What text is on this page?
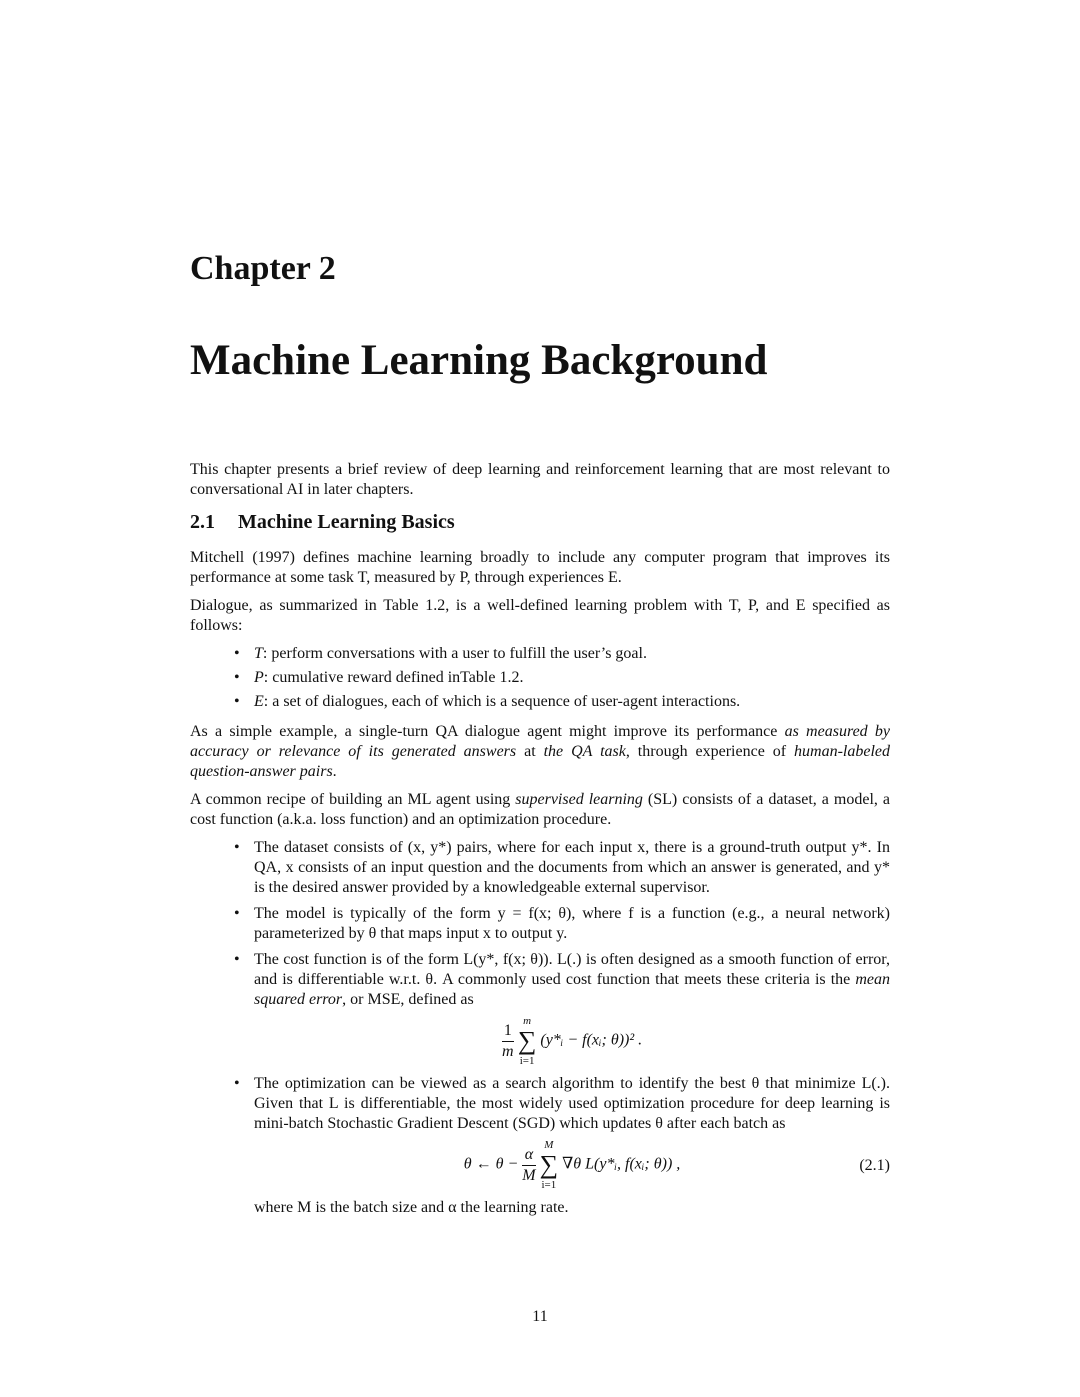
Chapter 2
Machine Learning Background

This chapter presents a brief review of deep learning and reinforcement learning that are most relevant to conversational AI in later chapters.

2.1 Machine Learning Basics

Mitchell (1997) defines machine learning broadly to include any computer program that improves its performance at some task T, measured by P, through experiences E.

Dialogue, as summarized in Table 1.2, is a well-defined learning problem with T, P, and E specified as follows:

• T: perform conversations with a user to fulfill the user’s goal.
• P: cumulative reward defined inTable 1.2.
• E: a set of dialogues, each of which is a sequence of user-agent interactions.

As a simple example, a single-turn QA dialogue agent might improve its performance as measured by accuracy or relevance of its generated answers at the QA task, through experience of human-labeled question-answer pairs.

A common recipe of building an ML agent using supervised learning (SL) consists of a dataset, a model, a cost function (a.k.a. loss function) and an optimization procedure.

• The dataset consists of (x, y*) pairs, where for each input x, there is a ground-truth output y*. In QA, x consists of an input question and the documents from which an answer is generated, and y* is the desired answer provided by a knowledgeable external supervisor.
• The model is typically of the form y = f(x; θ), where f is a function (e.g., a neural network) parameterized by θ that maps input x to output y.
• The cost function is of the form L(y*, f(x; θ)). L(.) is often designed as a smooth function of error, and is differentiable w.r.t. θ. A commonly used cost function that meets these criteria is the mean squared error, or MSE, defined as
$\frac{1}{m}$
m
∑
i=1
(y*ᵢ − f(xᵢ; θ))² .
• The optimization can be viewed as a search algorithm to identify the best θ that minimize L(.). Given that L is differentiable, the most widely used optimization procedure for deep learning is mini-batch Stochastic Gradient Descent (SGD) which updates θ after each batch as
θ ← $\theta - \frac{\alpha}{M}$
M
∑
i=1
∇θ L(y*ᵢ, f(xᵢ; θ)) ,	(2.1)
where M is the batch size and α the learning rate.
11
